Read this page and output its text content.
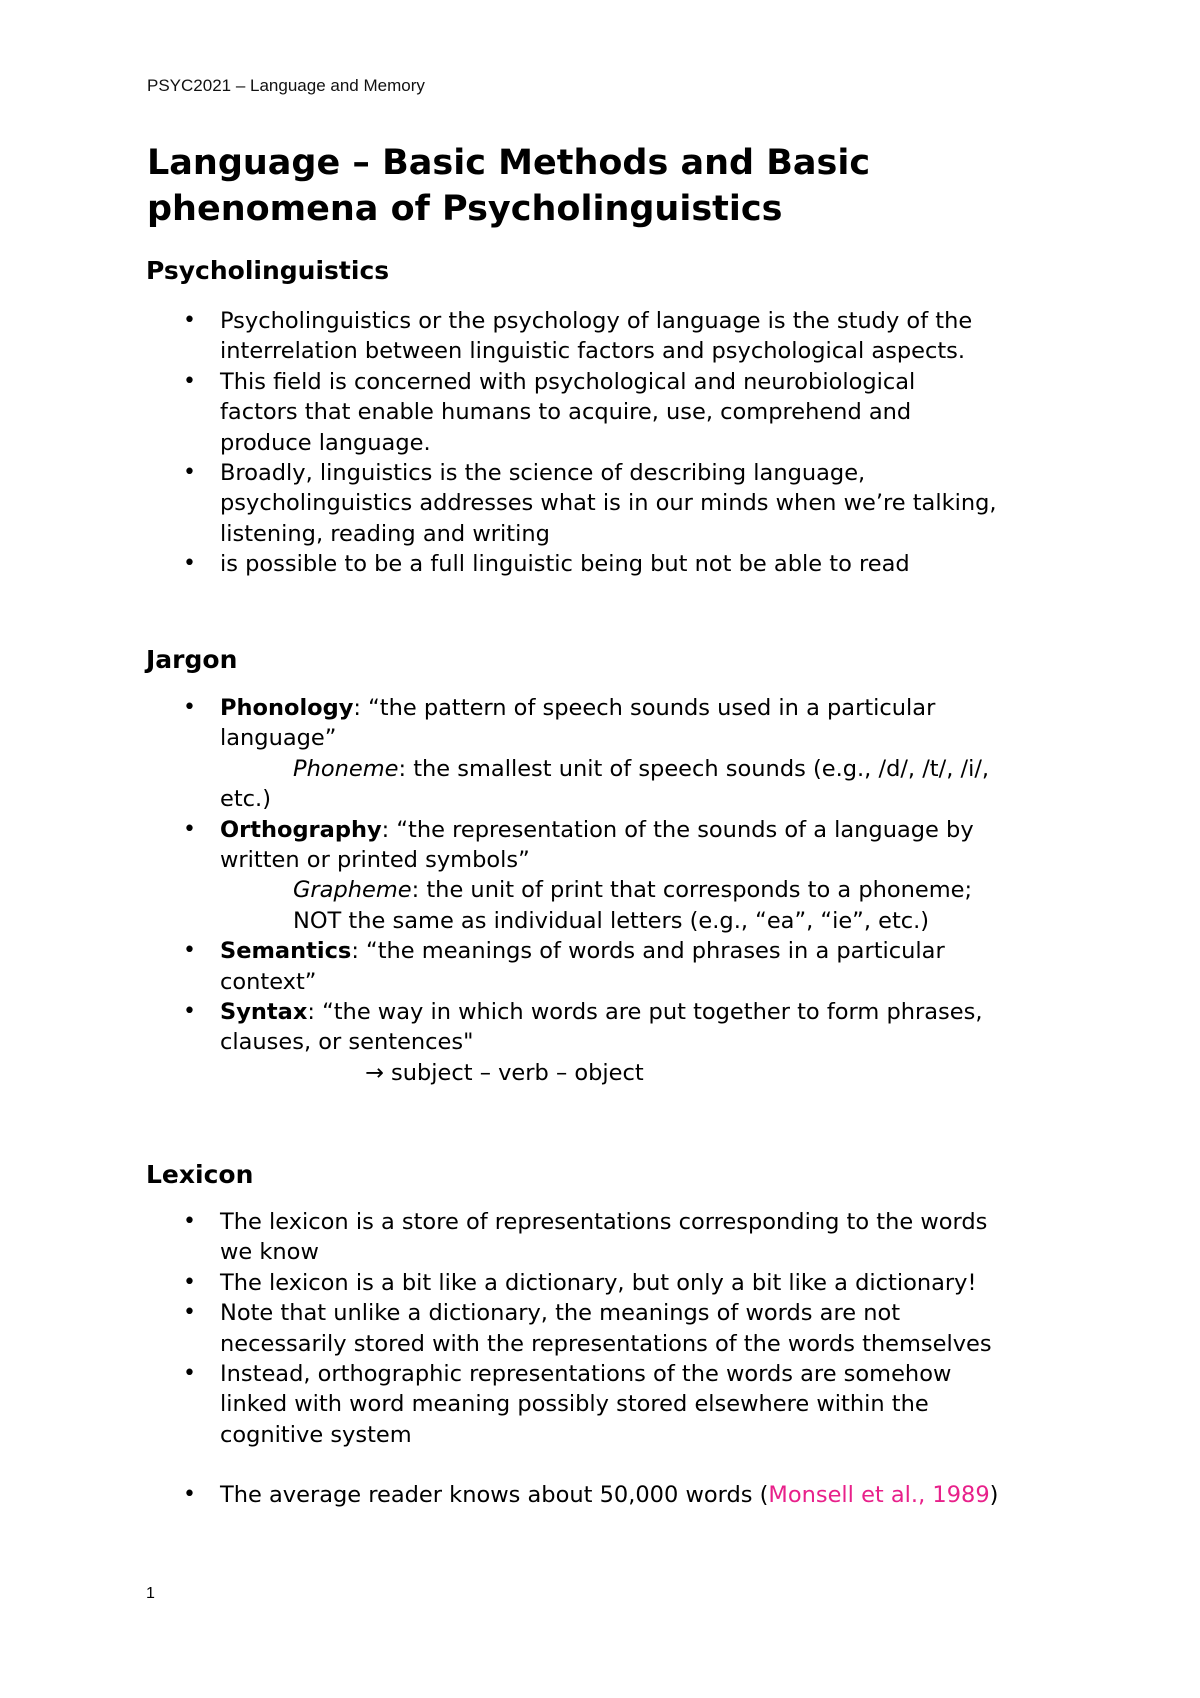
PSYC2021 – Language and Memory
Language – Basic Methods and Basic
phenomena of Psycholinguistics
Psycholinguistics
• Psycholinguistics or the psychology of language is the study of the
interrelation between linguistic factors and psychological aspects.
• This field is concerned with psychological and neurobiological
factors that enable humans to acquire, use, comprehend and
produce language.
• Broadly, linguistics is the science of describing language,
psycholinguistics addresses what is in our minds when we’re talking,
listening, reading and writing
• is possible to be a full linguistic being but not be able to read
Jargon
• Phonology: “the pattern of speech sounds used in a particular
language”
Phoneme: the smallest unit of speech sounds (e.g., /d/, /t/, /i/,
etc.)
• Orthography: “the representation of the sounds of a language by
written or printed symbols”
Grapheme: the unit of print that corresponds to a phoneme;
NOT the same as individual letters (e.g., “ea”, “ie”, etc.)
• Semantics: “the meanings of words and phrases in a particular
context”
• Syntax: “the way in which words are put together to form phrases,
clauses, or sentences"
→ subject – verb – object
Lexicon
• The lexicon is a store of representations corresponding to the words
we know
• The lexicon is a bit like a dictionary, but only a bit like a dictionary!
• Note that unlike a dictionary, the meanings of words are not
necessarily stored with the representations of the words themselves
• Instead, orthographic representations of the words are somehow
linked with word meaning possibly stored elsewhere within the
cognitive system
• The average reader knows about 50,000 words (Monsell et al., 1989)
1
